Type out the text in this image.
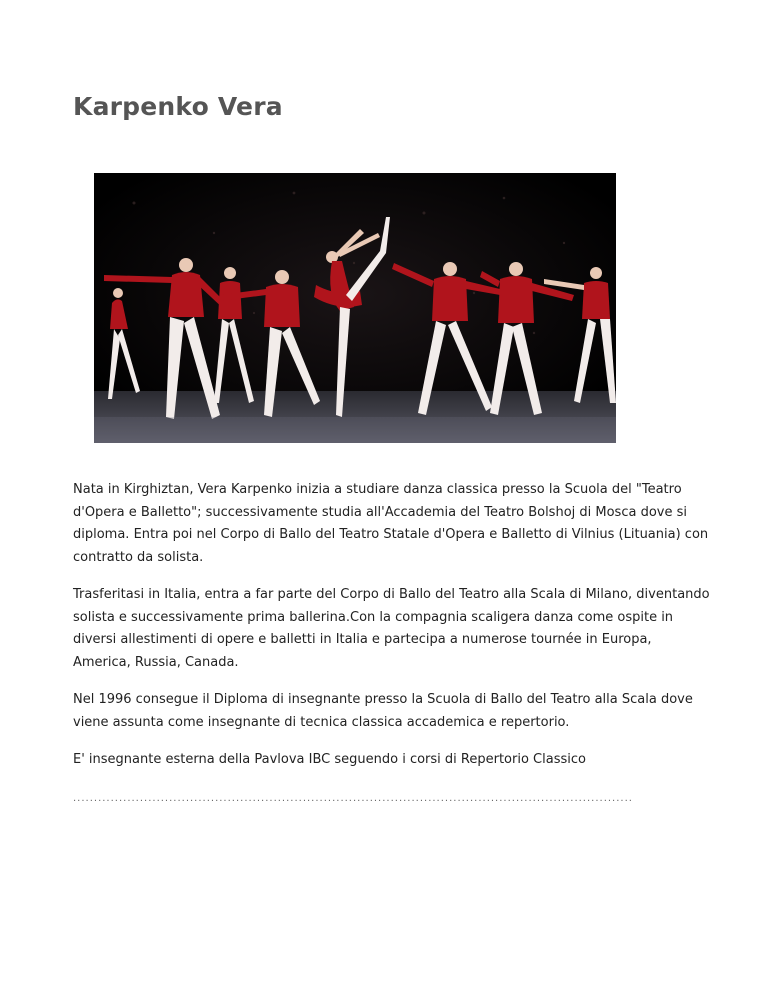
Karpenko Vera

Nata in Kirghiztan, Vera Karpenko inizia a studiare danza classica presso la Scuola del "Teatro d'Opera e Balletto"; successivamente studia all'Accademia del Teatro Bolshoj di Mosca dove si diploma. Entra poi nel Corpo di Ballo del Teatro Statale d'Opera e Balletto di Vilnius (Lituania) con contratto da solista.

Trasferitasi in Italia, entra a far parte del Corpo di Ballo del Teatro alla Scala di Milano, diventando solista e successivamente prima ballerina.Con la compagnia scaligera danza come ospite in diversi allestimenti di opere e balletti in Italia e partecipa a numerose tournée in Europa, America, Russia, Canada.

Nel 1996 consegue il Diploma di insegnante presso la Scuola di Ballo del Teatro alla Scala dove viene assunta come insegnante di tecnica classica accademica e repertorio.

E' insegnante esterna della Pavlova IBC seguendo i corsi di Repertorio Classico

......................................................................................................................................
